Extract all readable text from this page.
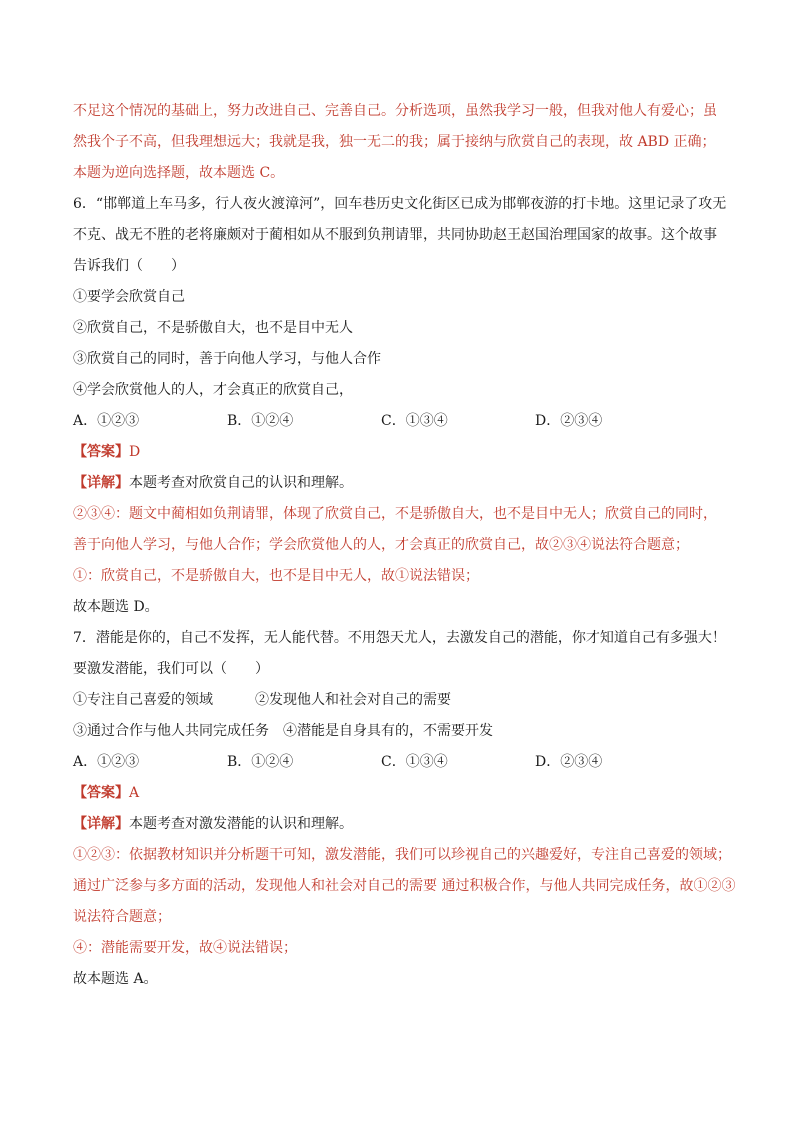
不足这个情况的基础上，努力改进自己、完善自己。分析选项，虽然我学习一般，但我对他人有爱心；虽
然我个子不高，但我理想远大；我就是我，独一无二的我；属于接纳与欣赏自己的表现，故 ABD 正确；
本题为逆向选择题，故本题选 C。
6．“邯郸道上车马多，行人夜火渡漳河”，回车巷历史文化街区已成为邯郸夜游的打卡地。这里记录了攻无
不克、战无不胜的老将廉颇对于蔺相如从不服到负荆请罪，共同协助赵王赵国治理国家的故事。这个故事
告诉我们（　　）
①要学会欣赏自己
②欣赏自己，不是骄傲自大，也不是目中无人
③欣赏自己的同时，善于向他人学习，与他人合作
④学会欣赏他人的人，才会真正的欣赏自己，
A．①②③	B．①②④	C．①③④	D．②③④
【答案】D
【详解】本题考查对欣赏自己的认识和理解。
②③④：题文中蔺相如负荆请罪，体现了欣赏自己，不是骄傲自大，也不是目中无人；欣赏自己的同时，
善于向他人学习，与他人合作；学会欣赏他人的人，才会真正的欣赏自己，故②③④说法符合题意；
①：欣赏自己，不是骄傲自大，也不是目中无人，故①说法错误；
故本题选 D。
7．潜能是你的，自己不发挥，无人能代替。不用怨天尤人，去激发自己的潜能，你才知道自己有多强大！
要激发潜能，我们可以（　　）
①专注自己喜爱的领域　　　②发现他人和社会对自己的需要
③通过合作与他人共同完成任务　④潜能是自身具有的，不需要开发
A．①②③	B．①②④	C．①③④	D．②③④
【答案】A
【详解】本题考查对激发潜能的认识和理解。
①②③：依据教材知识并分析题干可知，激发潜能，我们可以珍视自己的兴趣爱好，专注自己喜爱的领域；
通过广泛参与多方面的活动，发现他人和社会对自己的需要 通过积极合作，与他人共同完成任务，故①②③
说法符合题意；
④：潜能需要开发，故④说法错误；
故本题选 A。
